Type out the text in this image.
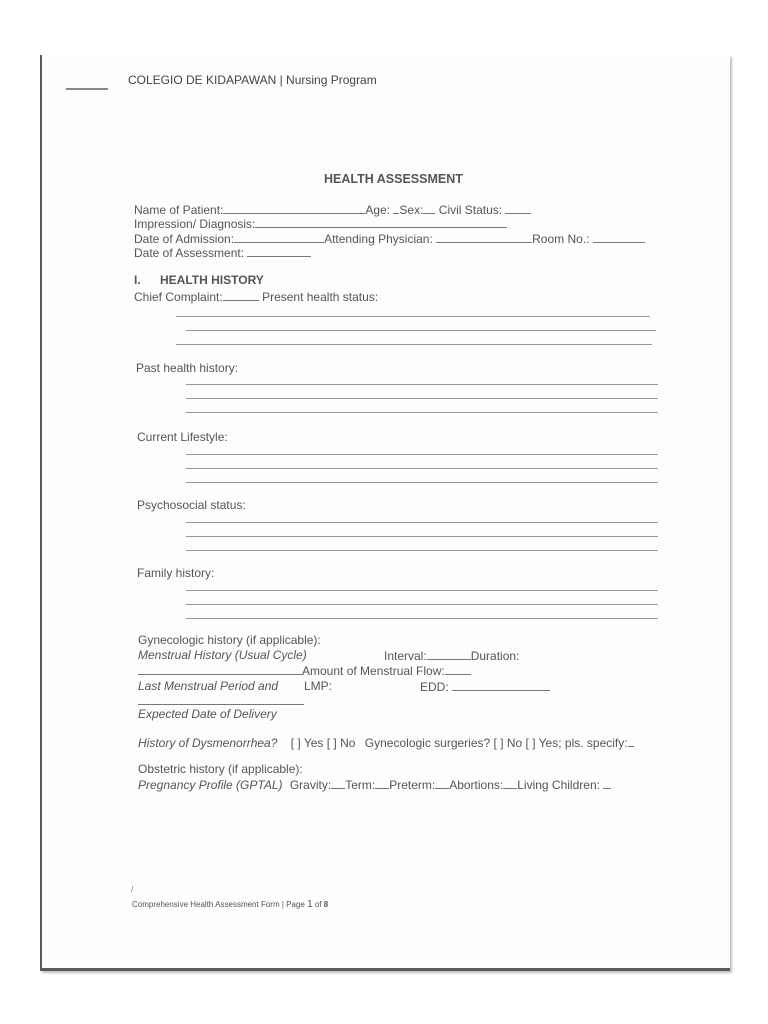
COLEGIO DE KIDAPAWAN | Nursing Program
HEALTH ASSESSMENT
Name of Patient:	Age: Sex: Civil Status:
Impression/ Diagnosis:
Date of Admission:	Attending Physician:	Room No.:
Date of Assessment:
I. HEALTH HISTORY
Chief Complaint:	Present health status:
Past health history:
Current Lifestyle:
Psychosocial status:
Family history:
Gynecologic history (if applicable):
Menstrual History (Usual Cycle)	Interval:	Duration:
Amount of Menstrual Flow:
Last Menstrual Period and LMP:	EDD:
Expected Date of Delivery
History of Dysmenorrhea? [ ] Yes [ ] No Gynecologic surgeries? [ ] No [ ] Yes; pls. specify:
Obstetric history (if applicable):
Pregnancy Profile (GPTAL) Gravity: Term: Preterm: Abortions: Living Children:
/
Comprehensive Health Assessment Form | Page 1 of 8
